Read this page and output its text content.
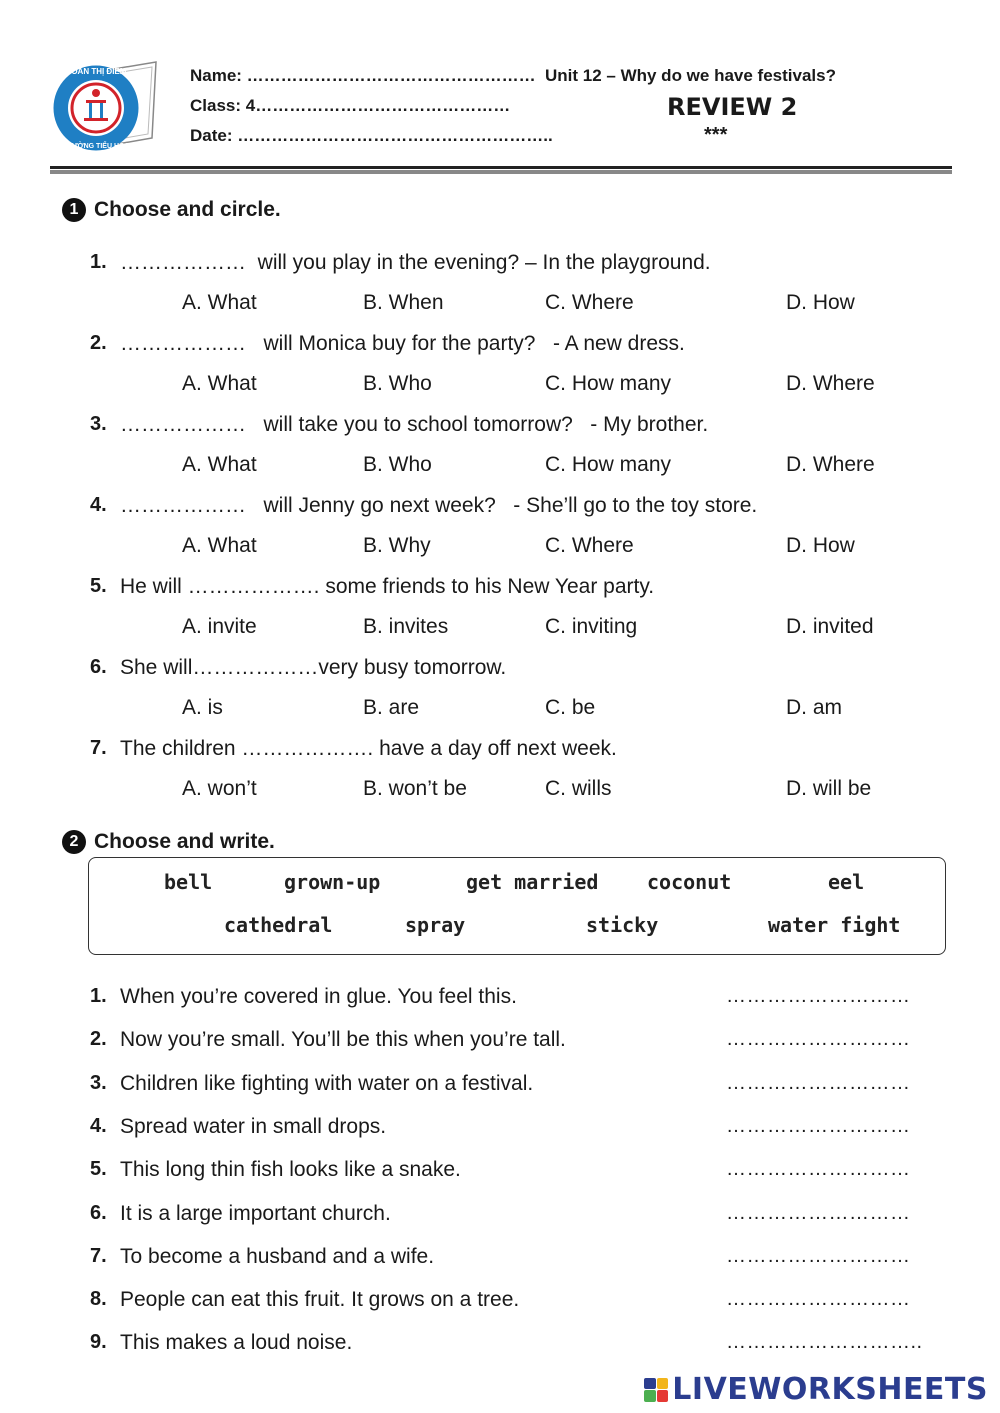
ĐOÀN THỊ ĐIỂM
TRƯỜNG TIỂU HỌC
Name: ……………………………………………
Class: 4………………………………………
Date: ………………………………………………..
Unit 12 – Why do we have festivals?
REVIEW 2
***
1 Choose and circle.
1. ………………  will you play in the evening? – In the playground.
A. What	B. When	C. Where	D. How
2. ………………   will Monica buy for the party?   - A new dress.
A. What	B. Who	C. How many	D. Where
3. ………………   will take you to school tomorrow?   - My brother.
A. What	B. Who	C. How many	D. Where
4. ………………   will Jenny go next week?   - She’ll go to the toy store.
A. What	B. Why	C. Where	D. How
5. He will ………………. some friends to his New Year party.
A. invite	B. invites	C. inviting	D. invited
6. She will………………very busy tomorrow.
A. is	B. are	C. be	D. am
7. The children ………………. have a day off next week.
A. won’t	B. won’t be	C. wills	D. will be
2 Choose and write.
bell	grown-up	get married coconut	eel
cathedral	spray	sticky	water fight
1. When you’re covered in glue. You feel this.	………………………
2. Now you’re small. You’ll be this when you’re tall.	………………………
3. Children like fighting with water on a festival.	………………………
4. Spread water in small drops.	………………………
5. This long thin fish looks like a snake.	………………………
6. It is a large important church.	………………………
7. To become a husband and a wife.	………………………
8. People can eat this fruit. It grows on a tree.	………………………
9. This makes a loud noise.	………………………..
LIVEWORKSHEETS
